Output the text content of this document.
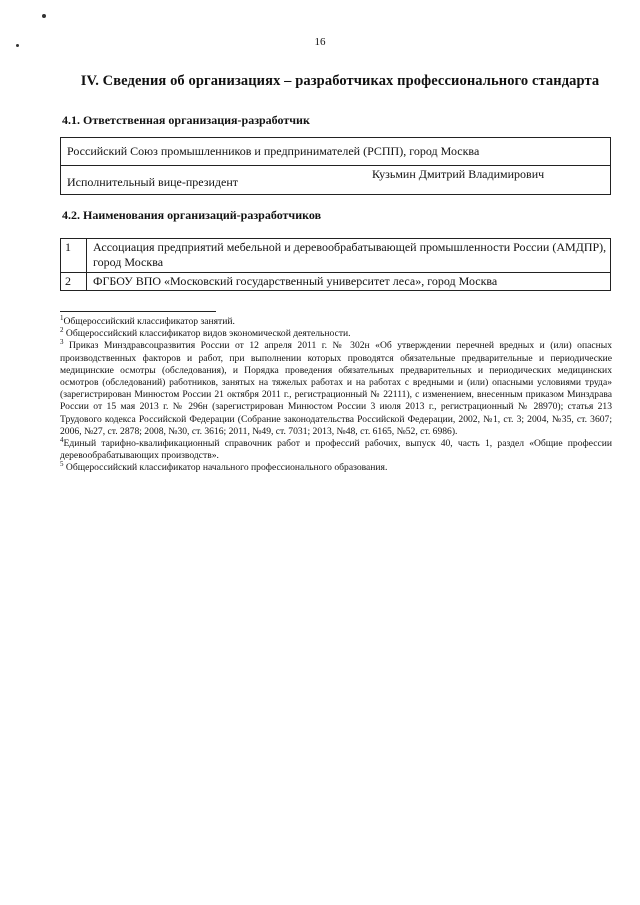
16
IV. Сведения об организациях – разработчиках профессионального стандарта
4.1. Ответственная организация-разработчик
Российский Союз промышленников и предпринимателей (РСПП), город Москва
Исполнительный вице-президент
Кузьмин Дмитрий Владимирович
4.2. Наименования организаций-разработчиков
1	Ассоциация предприятий мебельной и деревообрабатывающей промышленности России (АМДПР), город Москва
2	ФГБОУ ВПО «Московский государственный университет леса», город Москва

$^1$Общероссийский классификатор занятий.

$^2$ Общероссийский классификатор видов экономической деятельности.

$^3$ Приказ Минздравсоцразвития России от 12 апреля 2011 г. № 302н «Об утверждении перечней вредных и (или) опасных производственных факторов и работ, при выполнении которых проводятся обязательные предварительные и периодические медицинские осмотры (обследования), и Порядка проведения обязательных предварительных и периодических медицинских осмотров (обследований) работников, занятых на тяжелых работах и на работах с вредными и (или) опасными условиями труда» (зарегистрирован Минюстом России 21 октября 2011 г., регистрационный № 22111), с изменением, внесенным приказом Минздрава России от 15 мая 2013 г. № 296н (зарегистрирован Минюстом России 3 июля 2013 г., регистрационный № 28970); статья 213 Трудового кодекса Российской Федерации (Собрание законодательства Российской Федерации, 2002, №1, ст. 3; 2004, №35, ст. 3607; 2006, №27, ст. 2878; 2008, №30, ст. 3616; 2011, №49, ст. 7031; 2013, №48, ст. 6165, №52, ст. 6986).

$^4$Единый тарифно-квалификационный справочник работ и профессий рабочих, выпуск 40, часть 1, раздел «Общие профессии деревообрабатывающих производств».

$^5$ Общероссийский классификатор начального профессионального образования.
